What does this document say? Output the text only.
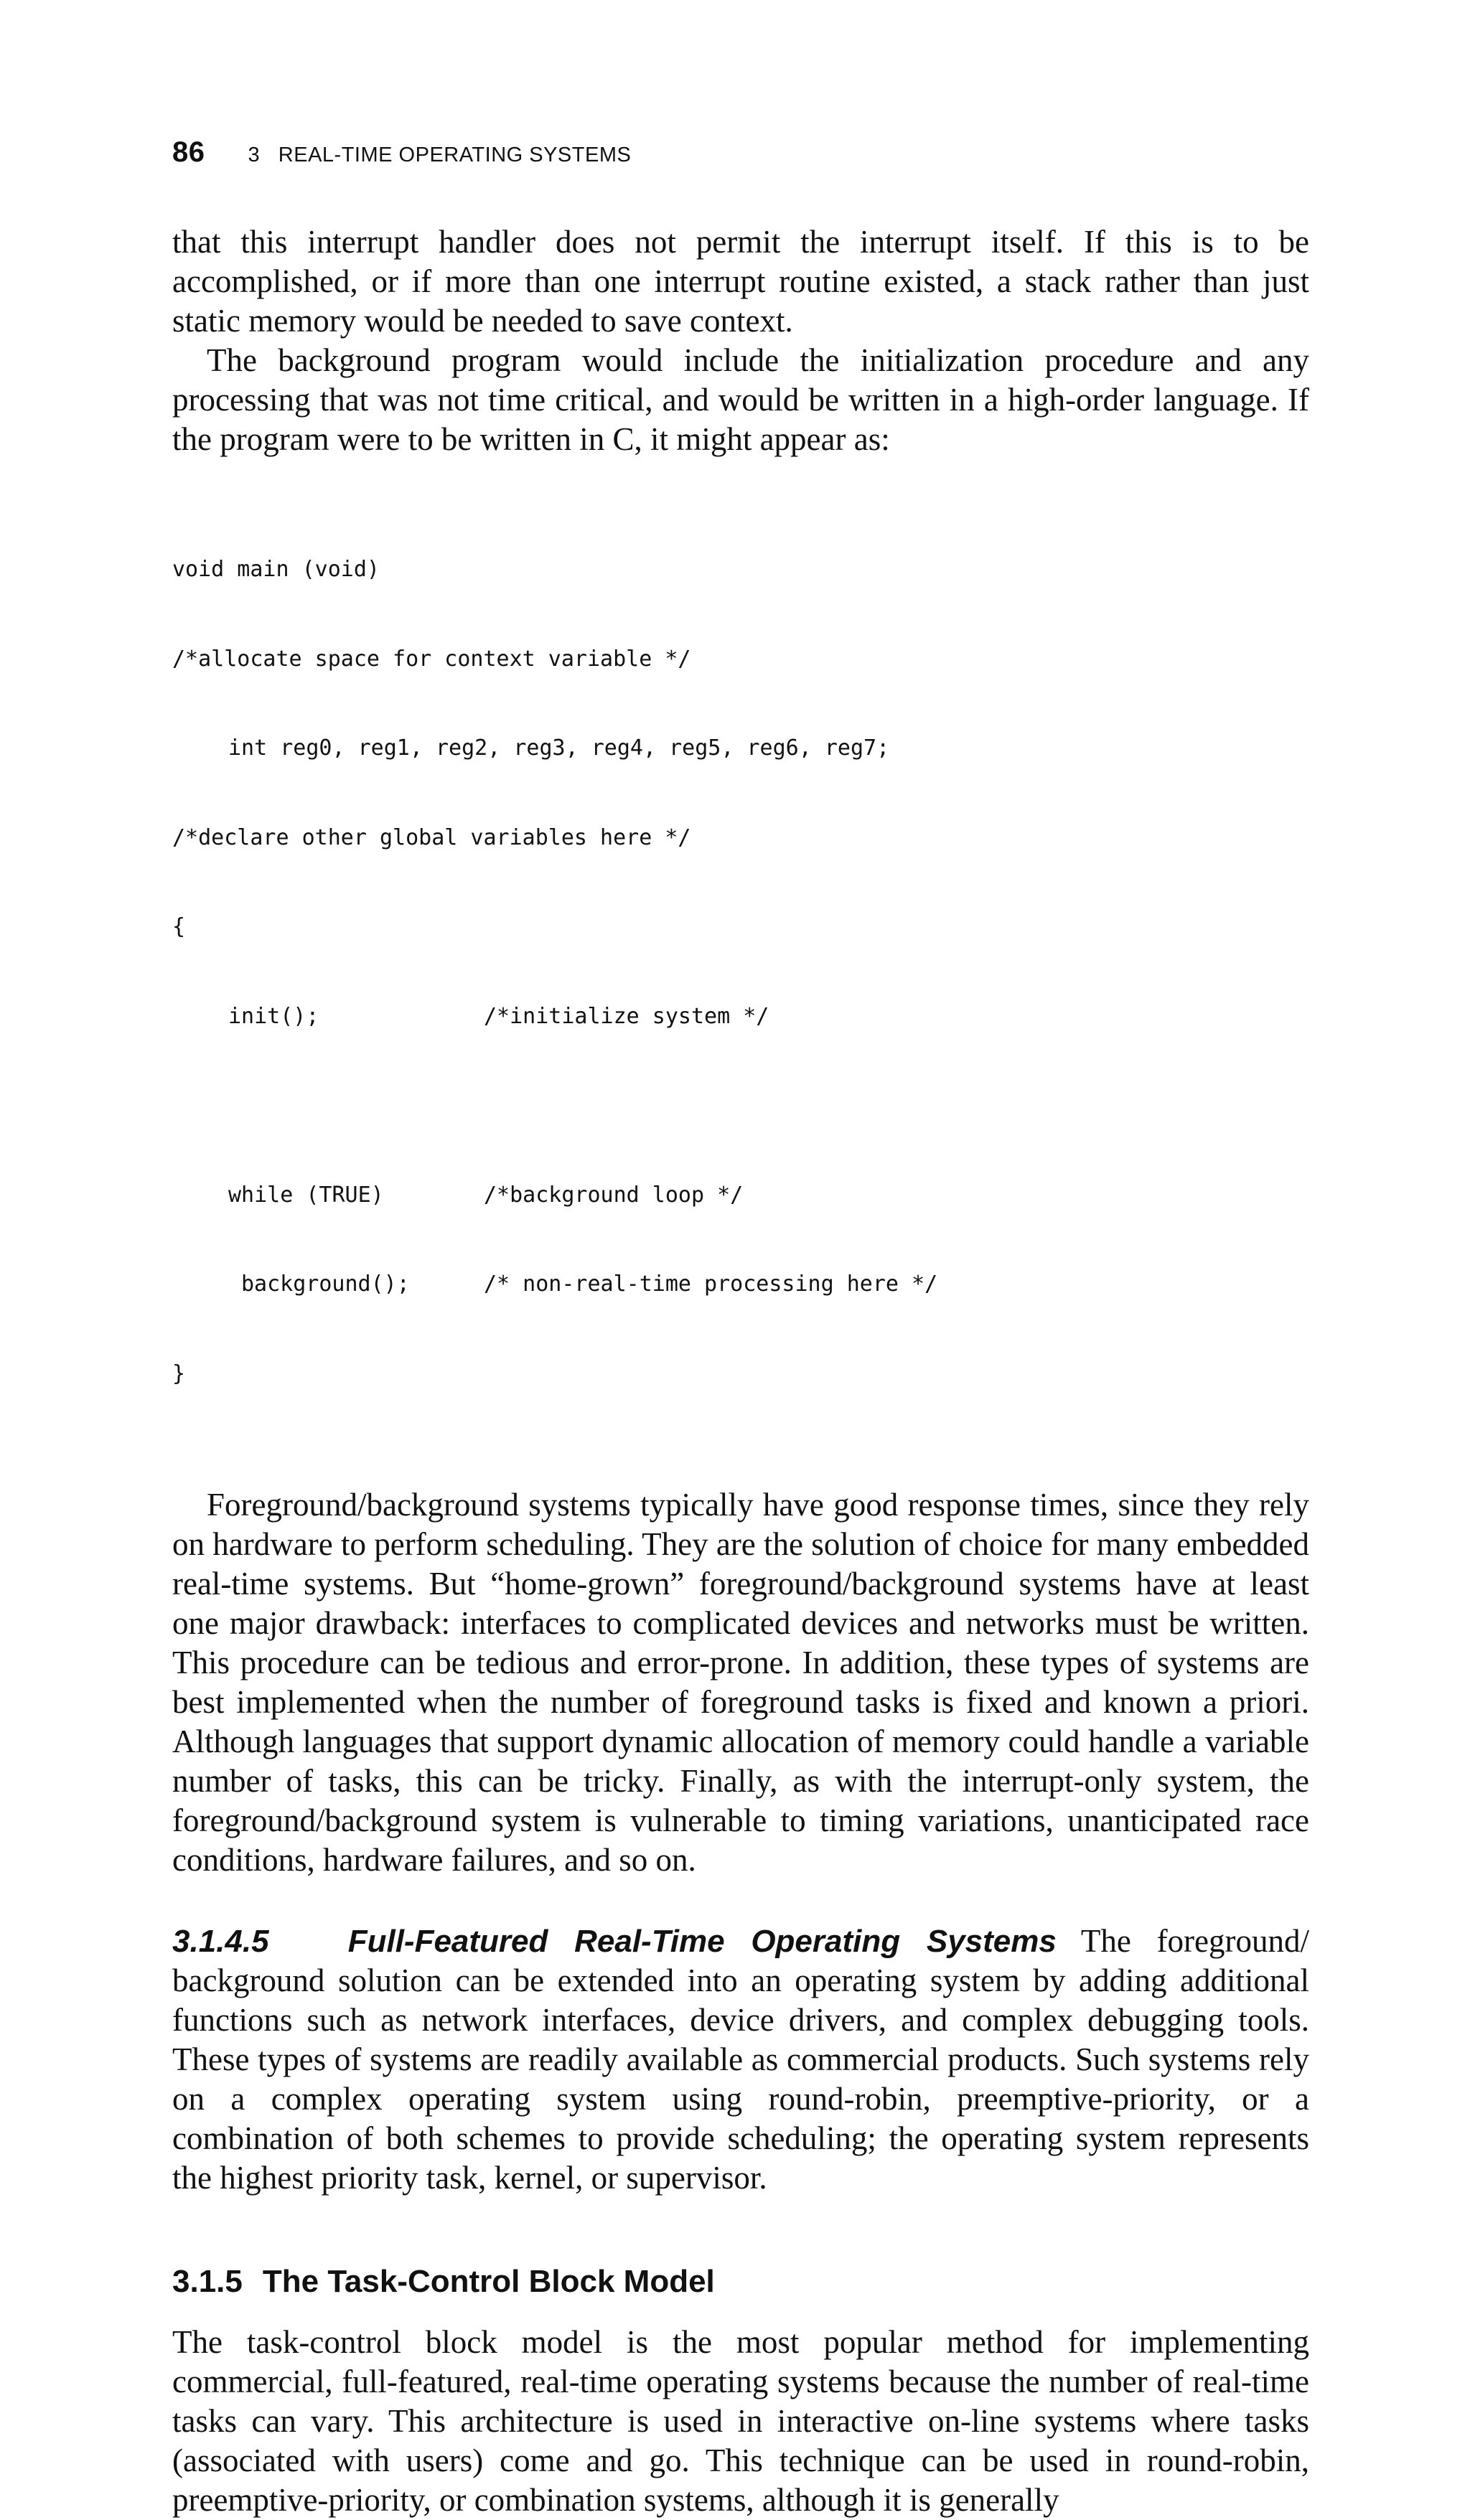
86 3   REAL-TIME OPERATING SYSTEMS

that this interrupt handler does not permit the interrupt itself. If this is to be accomplished, or if more than one interrupt routine existed, a stack rather than just static memory would be needed to save context.

The background program would include the initialization procedure and any processing that was not time critical, and would be written in a high-order language. If the program were to be written in C, it might appear as:

void main (void)

/*allocate space for context variable */

int reg0, reg1, reg2, reg3, reg4, reg5, reg6, reg7;

/*declare other global variables here */

{

init();	/*initialize system */

while (TRUE)	/*background loop */

background();	/* non-real-time processing here */

}

Foreground/background systems typically have good response times, since they rely on hardware to perform scheduling. They are the solution of choice for many embedded real-time systems. But “home-grown” foreground/background systems have at least one major drawback: interfaces to complicated devices and networks must be written. This procedure can be tedious and error-prone. In addition, these types of systems are best implemented when the number of foreground tasks is fixed and known a priori. Although languages that support dynamic allocation of memory could handle a variable number of tasks, this can be tricky. Finally, as with the interrupt-only system, the foreground/background system is vulnerable to timing variations, unanticipated race conditions, hardware failures, and so on.

3.1.4.5   Full-Featured Real-Time Operating Systems The foreground/ background solution can be extended into an operating system by adding additional functions such as network interfaces, device drivers, and complex debugging tools. These types of systems are readily available as commercial products. Such systems rely on a complex operating system using round-robin, preemptive-priority, or a combination of both schemes to provide scheduling; the operating system represents the highest priority task, kernel, or supervisor.

3.1.5 The Task-Control Block Model

The task-control block model is the most popular method for implementing commercial, full-featured, real-time operating systems because the number of real-time tasks can vary. This architecture is used in interactive on-line systems where tasks (associated with users) come and go. This technique can be used in round-robin, preemptive-priority, or combination systems, although it is generally
